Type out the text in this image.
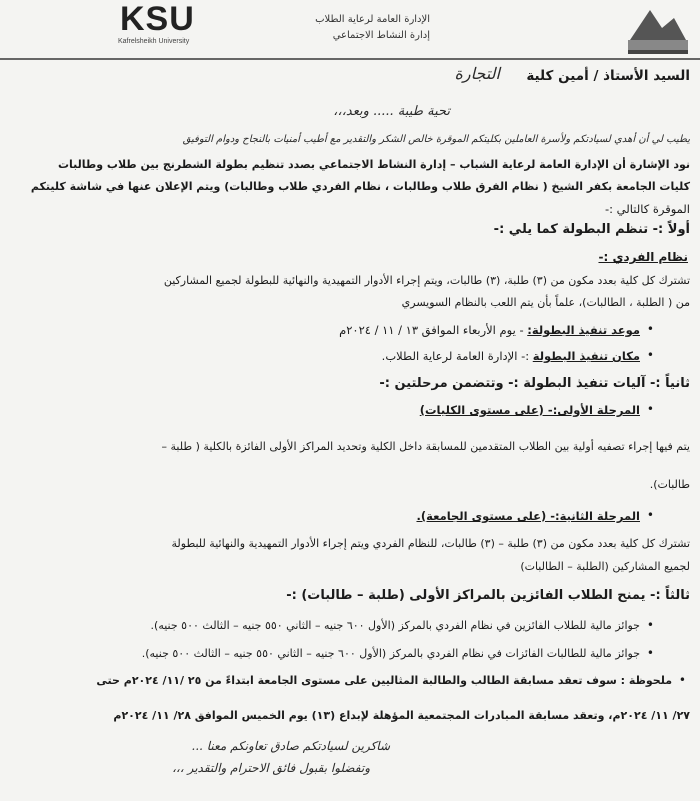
KSU
Kafrelsheikh University
الإدارة العامة لرعاية الطلاب
إدارة النشاط الاجتماعي
السيد الأستاذ / أمين كلية
التجارة
تحية طيبة ..... وبعد،،،
يطيب لي أن أهدي لسيادتكم ولأسرة العاملين بكليتكم الموقرة خالص الشكر والتقدير مع أطيب أمنيات بالنجاح ودوام التوفيق
نود الإشارة أن الإدارة العامة لرعاية الشباب – إدارة النشاط الاجتماعي بصدد تنظيم بطولة الشطرنج بين طلاب وطالبات
كليات الجامعة بكفر الشيخ ( نظام الفرق طلاب وطالبات ، نظام الفردي طلاب وطالبات) ويتم الإعلان عنها في شاشة كليتكم
الموقرة كالتالي :-
أولاً :- تنظم البطولة كما يلي :-
نظام الفردي :-
تشترك كل كلية بعدد مكون من (٣) طلبة، (٣) طالبات، ويتم إجراء الأدوار التمهيدية والنهائية للبطولة لجميع المشاركين
من ( الطلبة ، الطالبات)، علماً بأن يتم اللعب بالنظام السويسري
موعد تنفيذ البطولة: - يوم الأربعاء الموافق ١٣ / ١١ / ٢٠٢٤م	•
مكان تنفيذ البطولة :- الإدارة العامة لرعاية الطلاب.	•
ثانياً :- آليات تنفيذ البطولة :- وتتضمن مرحلتين :-
•
المرحلة الأولى:- (على مستوى الكليات)
يتم فيها إجراء تصفيه أولية بين الطلاب المتقدمين للمسابقة داخل الكلية وتحديد المراكز الأولى الفائزة بالكلية ( طلبة –
طالبات).
•
المرحلة الثانية:- (على مستوى الجامعة).
تشترك كل كلية بعدد مكون من (٣) طلبة – (٣) طالبات، للنظام الفردي ويتم إجراء الأدوار التمهيدية والنهائية للبطولة
لجميع المشاركين (الطلبة – الطالبات)
ثالثاً :- يمنح الطلاب الفائزين بالمراكز الأولى (طلبة – طالبات) :-
•
جوائز مالية للطلاب الفائزين في نظام الفردي بالمركز (الأول ٦٠٠ جنيه – الثاني ٥٥٠ جنيه – الثالث ٥٠٠ جنيه).
•
جوائز مالية للطالبات الفائزات في نظام الفردي بالمركز (الأول ٦٠٠ جنيه – الثاني ٥٥٠ جنيه – الثالث ٥٠٠ جنيه).
•
ملحوظة : سوف تعقد مسابقة الطالب والطالبة المثاليين على مستوى الجامعة ابتداءً من ٢٥ /١١/ ٢٠٢٤م حتى
٢٧/ ١١/ ٢٠٢٤م، وتعقد مسابقة المبادرات المجتمعية المؤهلة لإبداع (١٣) يوم الخميس الموافق ٢٨/ ١١/ ٢٠٢٤م
شاكرين لسيادتكم صادق تعاونكم معنا ...
وتفضلوا بقبول فائق الاحترام والتقدير ،،،
